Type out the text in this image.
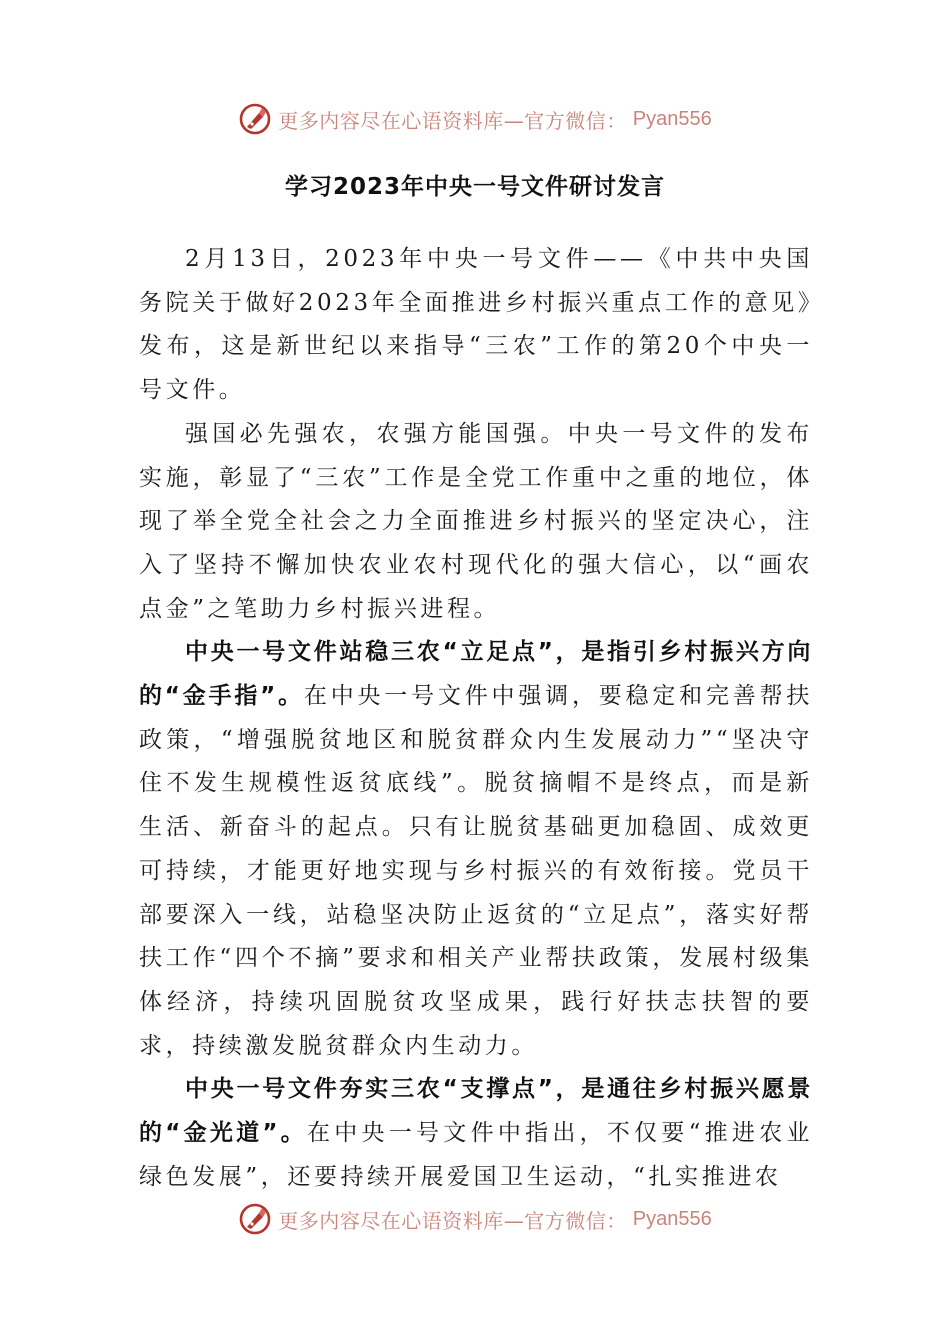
更多内容尽在心语资料库—官方微信： Pyan556
学习2023年中央一号文件研讨发言

2月13日，2023年中央一号文件——《中共中央国务院关于做好2023年全面推进乡村振兴重点工作的意见》发布，这是新世纪以来指导“三农”工作的第20个中央一号文件。

强国必先强农，农强方能国强。中央一号文件的发布实施，彰显了“三农”工作是全党工作重中之重的地位，体现了举全党全社会之力全面推进乡村振兴的坚定决心，注入了坚持不懈加快农业农村现代化的强大信心，以“画农点金”之笔助力乡村振兴进程。

中央一号文件站稳三农“立足点”，是指引乡村振兴方向的“金手指”。在中央一号文件中强调，要稳定和完善帮扶政策，“增强脱贫地区和脱贫群众内生发展动力”“坚决守住不发生规模性返贫底线”。脱贫摘帽不是终点，而是新生活、新奋斗的起点。只有让脱贫基础更加稳固、成效更可持续，才能更好地实现与乡村振兴的有效衔接。党员干部要深入一线，站稳坚决防止返贫的“立足点”，落实好帮扶工作“四个不摘”要求和相关产业帮扶政策，发展村级集体经济，持续巩固脱贫攻坚成果，践行好扶志扶智的要求，持续激发脱贫群众内生动力。

中央一号文件夯实三农“支撑点”，是通往乡村振兴愿景的“金光道”。在中央一号文件中指出，不仅要“推进农业绿色发展”，还要持续开展爱国卫生运动，“扎实推进农

更多内容尽在心语资料库—官方微信： Pyan556
